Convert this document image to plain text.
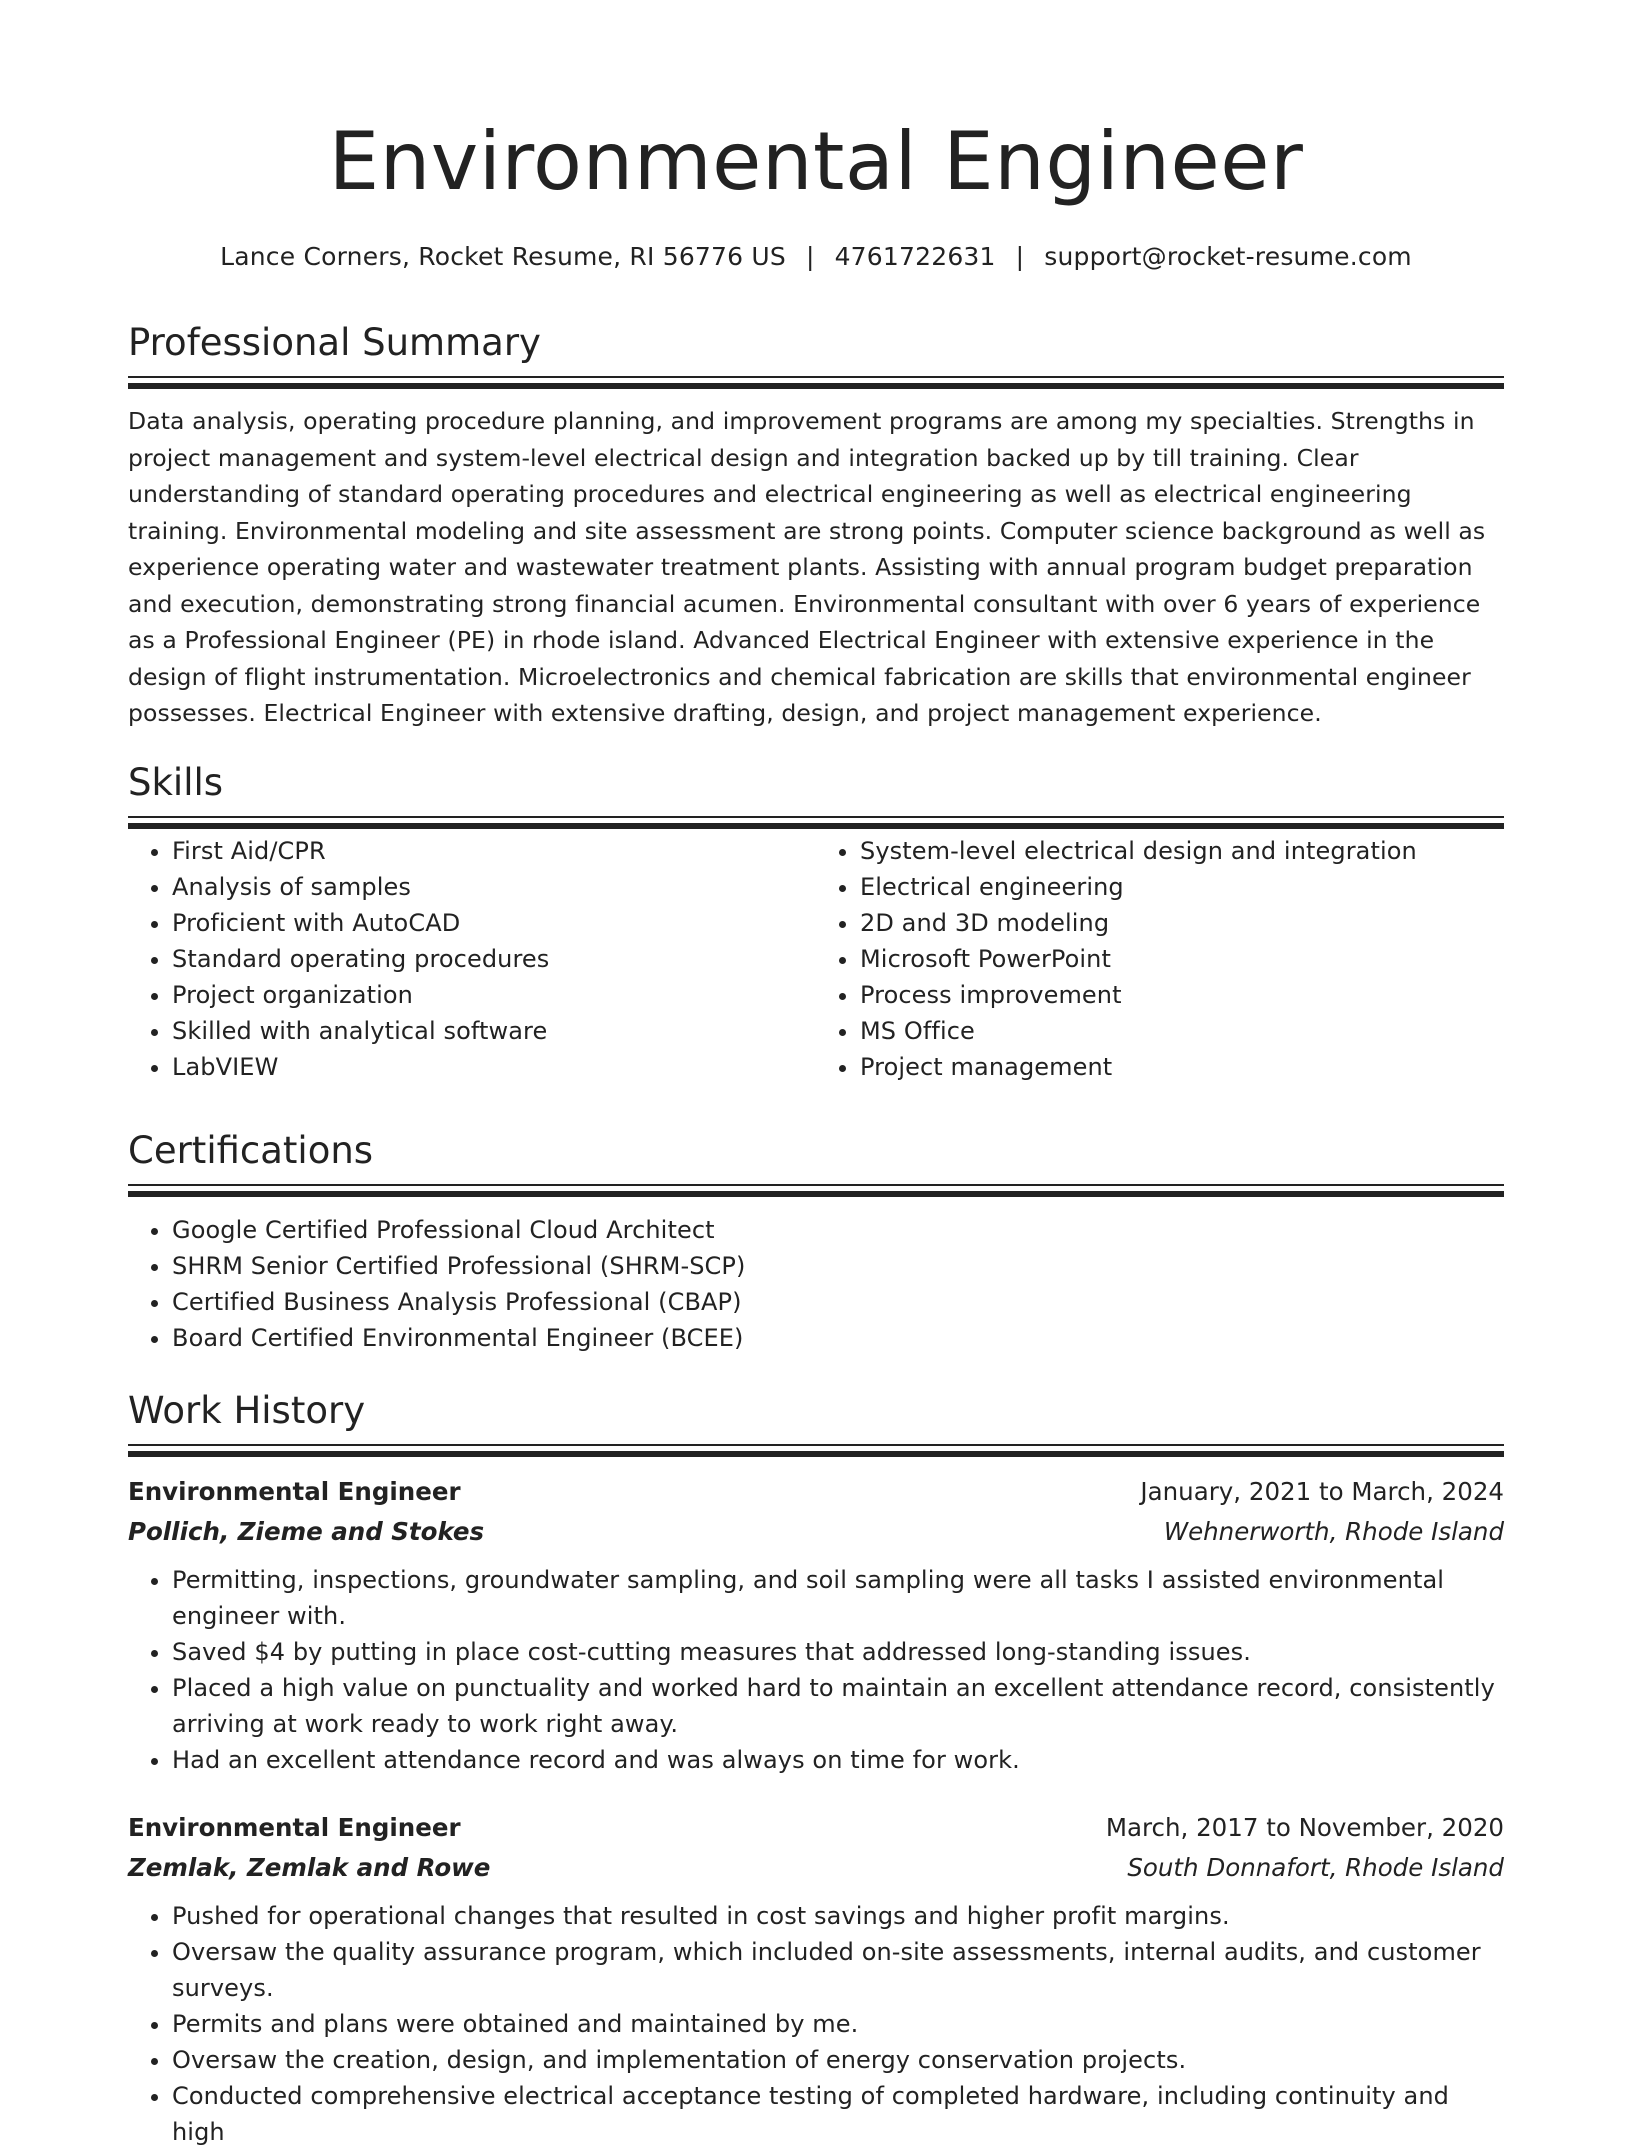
Environmental Engineer
Lance Corners, Rocket Resume, RI 56776 US | 4761722631 | support@rocket-resume.com
Professional Summary

Data analysis, operating procedure planning, and improvement programs are among my specialties. Strengths in project management and system-level electrical design and integration backed up by till training. Clear understanding of standard operating procedures and electrical engineering as well as electrical engineering training. Environmental modeling and site assessment are strong points. Computer science background as well as experience operating water and wastewater treatment plants. Assisting with annual program budget preparation and execution, demonstrating strong financial acumen. Environmental consultant with over 6 years of experience as a Professional Engineer (PE) in rhode island. Advanced Electrical Engineer with extensive experience in the design of flight instrumentation. Microelectronics and chemical fabrication are skills that environmental engineer possesses. Electrical Engineer with extensive drafting, design, and project management experience.

Skills
• First Aid/CPR
• Analysis of samples
• Proficient with AutoCAD
• Standard operating procedures
• Project organization
• Skilled with analytical software
• LabVIEW
• System-level electrical design and integration
• Electrical engineering
• 2D and 3D modeling
• Microsoft PowerPoint
• Process improvement
• MS Office
• Project management
Certifications
• Google Certified Professional Cloud Architect
• SHRM Senior Certified Professional (SHRM-SCP)
• Certified Business Analysis Professional (CBAP)
• Board Certified Environmental Engineer (BCEE)
Work History
Environmental Engineer	January, 2021 to March, 2024
Pollich, Zieme and Stokes	Wehnerworth, Rhode Island
• Permitting, inspections, groundwater sampling, and soil sampling were all tasks I assisted environmental engineer with.
• Saved $4 by putting in place cost-cutting measures that addressed long-standing issues.
• Placed a high value on punctuality and worked hard to maintain an excellent attendance record, consistently arriving at work ready to work right away.
• Had an excellent attendance record and was always on time for work.
Environmental Engineer	March, 2017 to November, 2020
Zemlak, Zemlak and Rowe	South Donnafort, Rhode Island
• Pushed for operational changes that resulted in cost savings and higher profit margins.
• Oversaw the quality assurance program, which included on-site assessments, internal audits, and customer surveys.
• Permits and plans were obtained and maintained by me.
• Oversaw the creation, design, and implementation of energy conservation projects.
• Conducted comprehensive electrical acceptance testing of completed hardware, including continuity and high
